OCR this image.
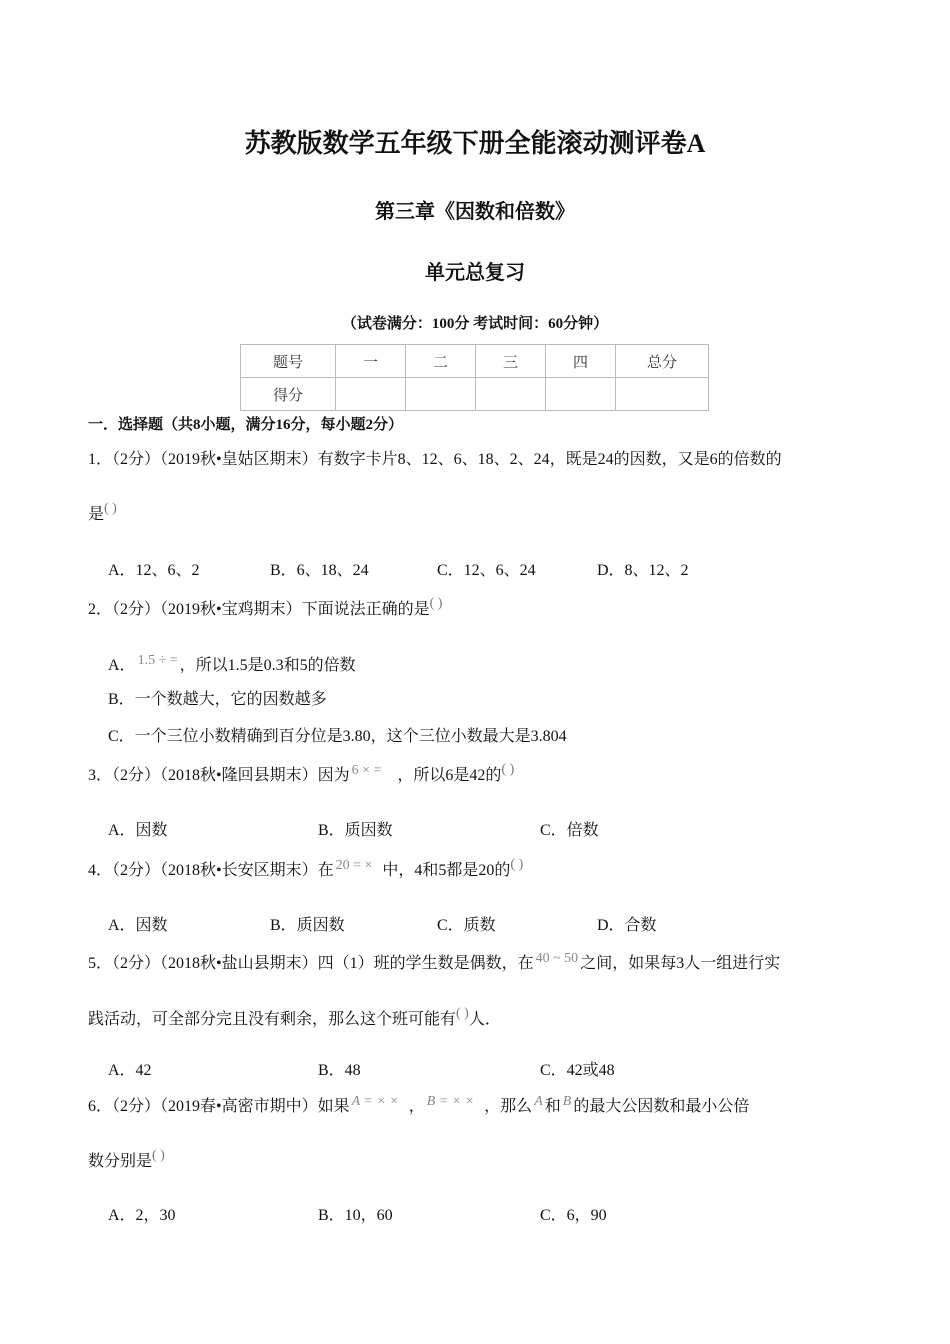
苏教版数学五年级下册全能滚动测评卷A
第三章《因数和倍数》
单元总复习
（试卷满分：100分 考试时间：60分钟）
题号	一	二	三	四	总分
得分					
一．选择题（共8小题，满分16分，每小题2分）
1．（2分）（2019秋•皇姑区期末）有数字卡片8、12、6、18、2、24，既是24的因数，又是6的倍数的
是( )
A．12、6、2	B．6、18、24	C．12、6、24	D．8、12、2
2．（2分）（2019秋•宝鸡期末）下面说法正确的是( )
A． 1.5 ÷ = ，所以1.5是0.3和5的倍数
B．一个数越大，它的因数越多
C．一个三位小数精确到百分位是3.80，这个三位小数最大是3.804
3．（2分）（2018秋•隆回县期末）因为 6 × = ，所以6是42的( )
A．因数	B．质因数	C．倍数
4．（2分）（2018秋•长安区期末）在 20 = × 中，4和5都是20的( )
A．因数	B．质因数	C．质数	D．合数
5．（2分）（2018秋•盐山县期末）四（1）班的学生数是偶数，在 40 ~ 50 之间，如果每3人一组进行实
践活动，可全部分完且没有剩余，那么这个班可能有( )人．
A．42	B．48	C．42或48
6．（2分）（2019春•高密市期中）如果 A = × × ， B = × × ，那么 A 和 B 的最大公因数和最小公倍
数分别是( )
A．2，30	B．10，60	C．6，90
